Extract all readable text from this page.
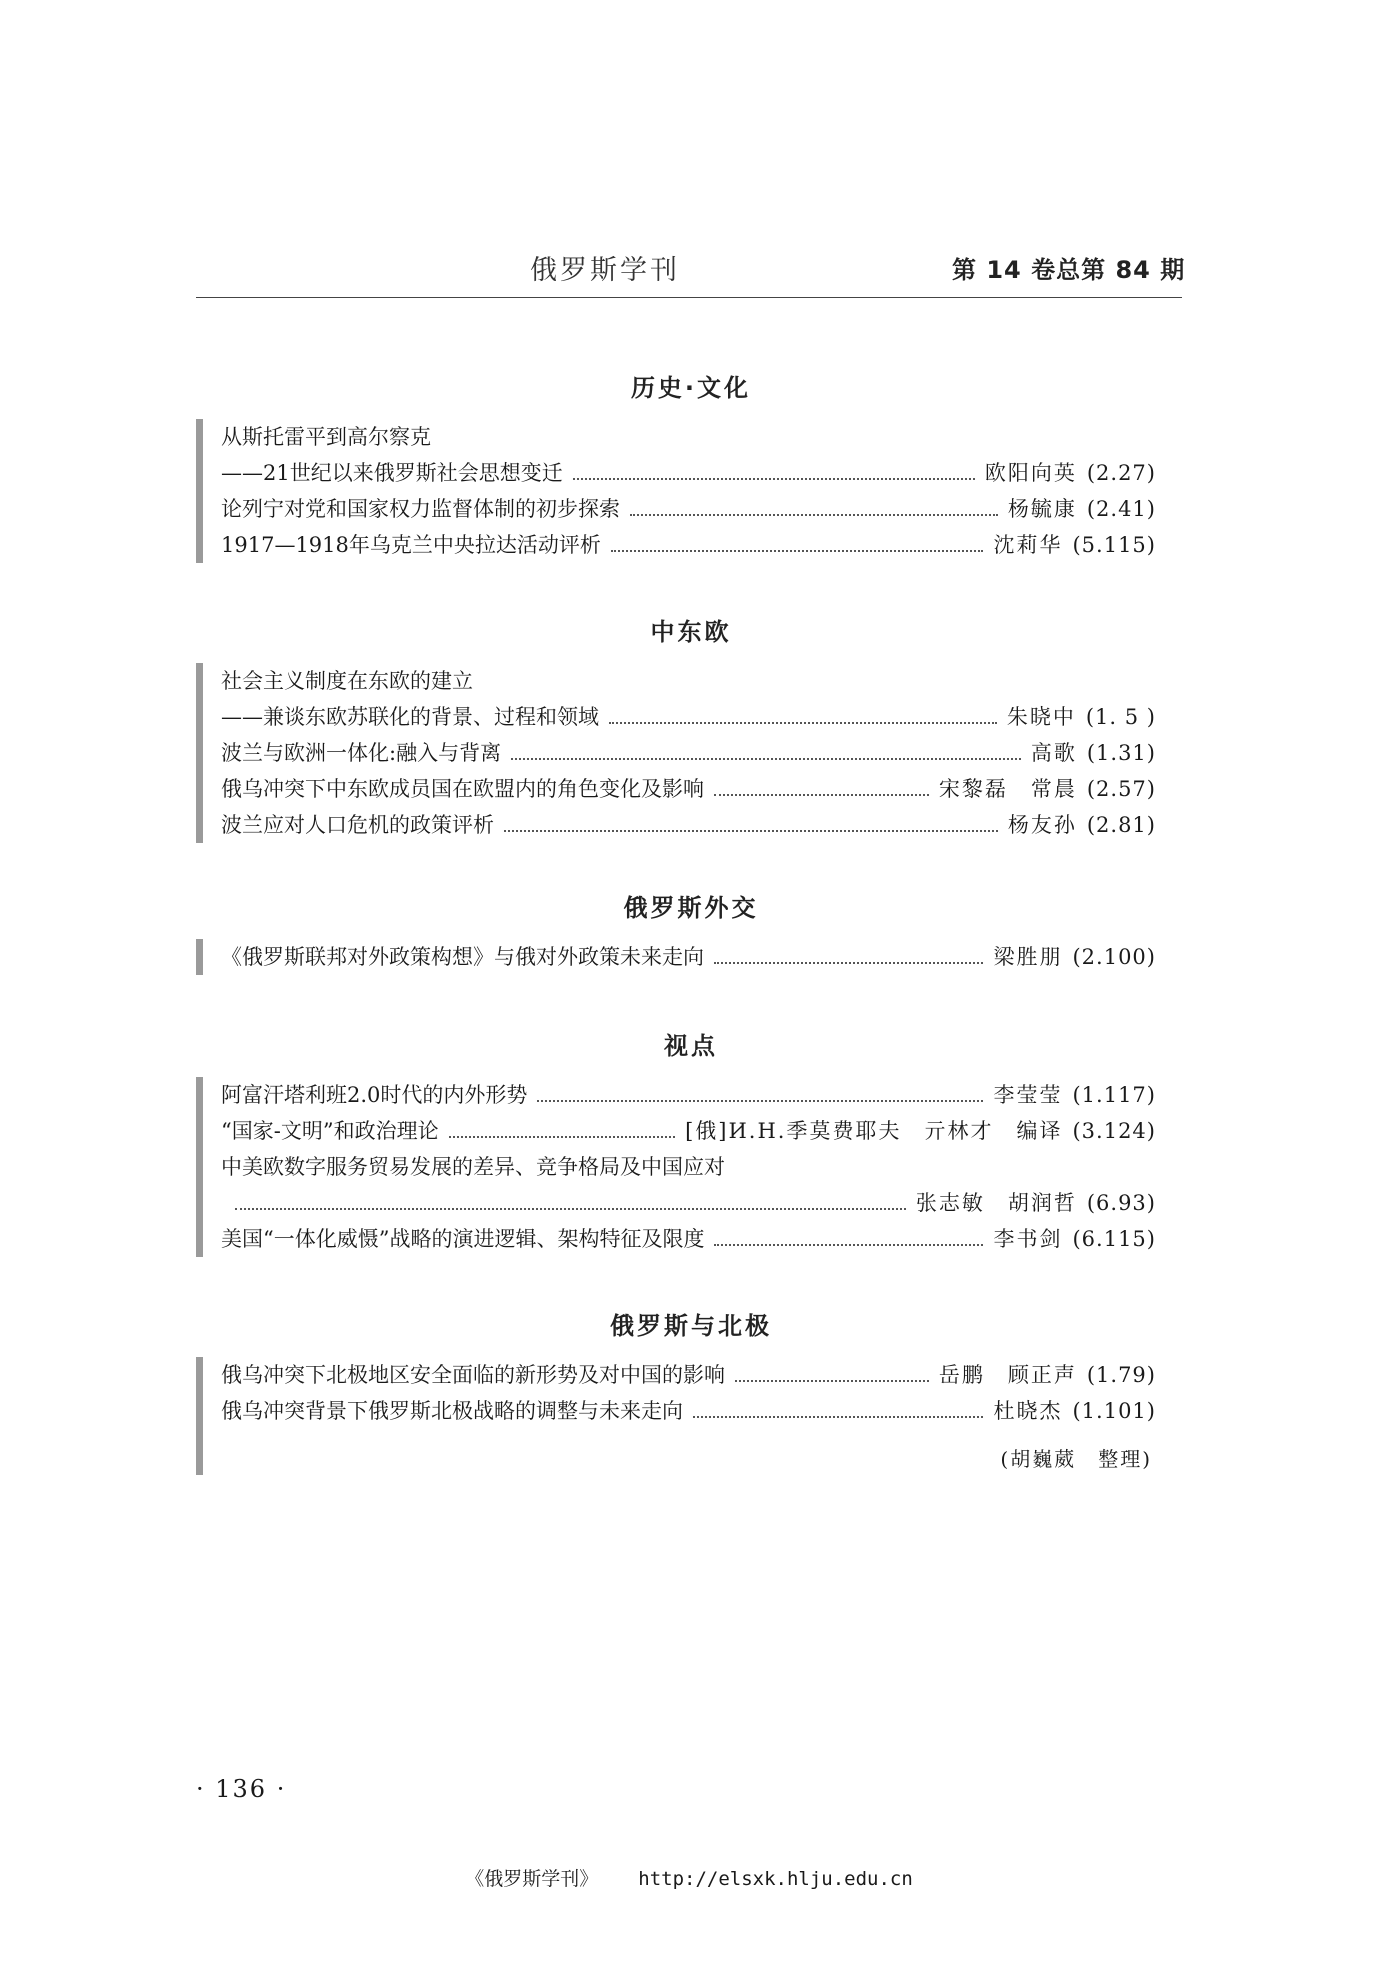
俄罗斯学刊	第 14 卷总第 84 期
历史·文化
从斯托雷平到高尔察克
——21世纪以来俄罗斯社会思想变迁	欧阳向英 (2.27)
论列宁对党和国家权力监督体制的初步探索	杨毓康 (2.41)
1917—1918年乌克兰中央拉达活动评析	沈莉华 (5.115)
中东欧
社会主义制度在东欧的建立
——兼谈东欧苏联化的背景、过程和领域	朱晓中 (1. 5 )
波兰与欧洲一体化:融入与背离	高歌 (1.31)
俄乌冲突下中东欧成员国在欧盟内的角色变化及影响	宋黎磊　常晨 (2.57)
波兰应对人口危机的政策评析	杨友孙 (2.81)
俄罗斯外交
《俄罗斯联邦对外政策构想》与俄对外政策未来走向	梁胜朋 (2.100)
视点
阿富汗塔利班2.0时代的内外形势	李莹莹 (1.117)
“国家-文明”和政治理论	[俄]И.Н.季莫费耶夫　亓林才　编译 (3.124)
中美欧数字服务贸易发展的差异、竞争格局及中国应对
张志敏　胡润哲 (6.93)
美国“一体化威慑”战略的演进逻辑、架构特征及限度	李书剑 (6.115)
俄罗斯与北极
俄乌冲突下北极地区安全面临的新形势及对中国的影响	岳鹏　顾正声 (1.79)
俄乌冲突背景下俄罗斯北极战略的调整与未来走向	杜晓杰 (1.101)
(胡巍葳　整理)
· 136 ·
《俄罗斯学刊》 http://elsxk.hlju.edu.cn
